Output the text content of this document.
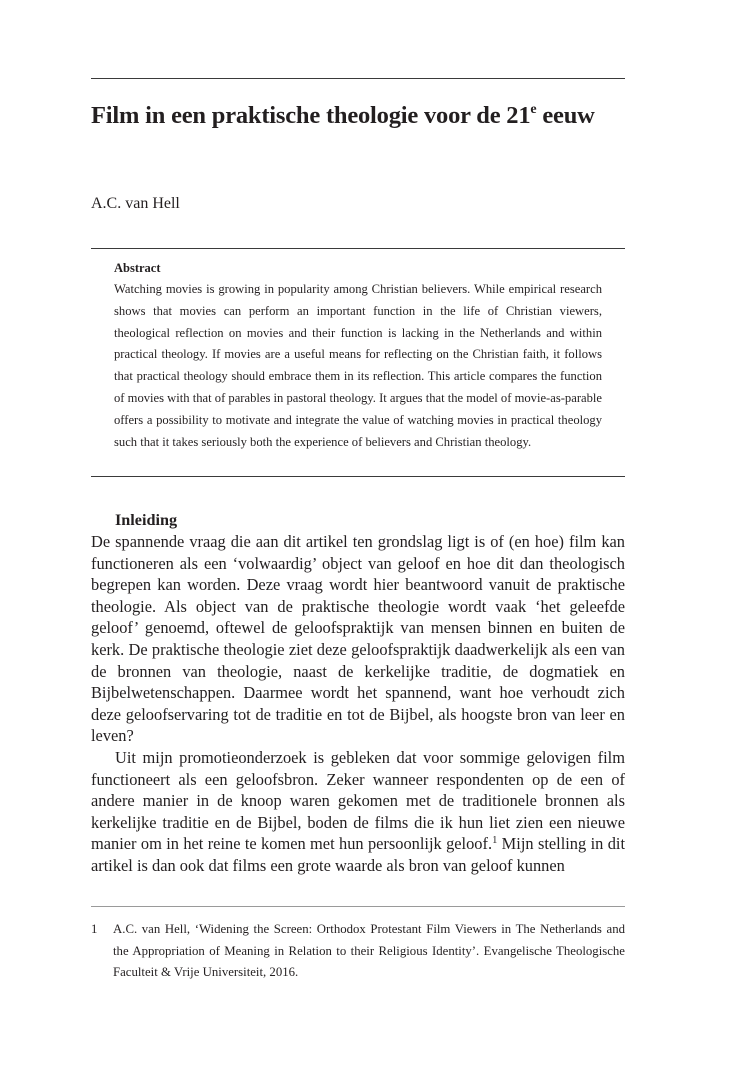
Film in een praktische theologie voor de 21e eeuw
A.C. van Hell
Abstract
Watching movies is growing in popularity among Christian believers. While empirical research shows that movies can perform an important function in the life of Christian viewers, theological reflection on movies and their function is lacking in the Netherlands and within practical theology. If movies are a useful means for reflecting on the Christian faith, it follows that practical theology should embrace them in its reflection. This article compares the function of movies with that of parables in pastoral theology. It argues that the model of movie-as-parable offers a possibility to motivate and integrate the value of watching movies in practical theology such that it takes seriously both the experience of believers and Christian theology.
Inleiding

De spannende vraag die aan dit artikel ten grondslag ligt is of (en hoe) film kan functioneren als een ‘volwaardig’ object van geloof en hoe dit dan theologisch begrepen kan worden. Deze vraag wordt hier beantwoord vanuit de praktische theologie. Als object van de praktische theologie wordt vaak ‘het geleefde geloof’ genoemd, oftewel de geloofspraktijk van mensen binnen en buiten de kerk. De praktische theologie ziet deze geloofspraktijk daadwerkelijk als een van de bronnen van theologie, naast de kerkelijke traditie, de dogmatiek en Bijbelwetenschappen. Daarmee wordt het spannend, want hoe verhoudt zich deze geloofservaring tot de traditie en tot de Bijbel, als hoogste bron van leer en leven?

Uit mijn promotieonderzoek is gebleken dat voor sommige gelovigen film functioneert als een geloofsbron. Zeker wanneer respondenten op de een of andere manier in de knoop waren gekomen met de traditionele bronnen als kerkelijke traditie en de Bijbel, boden de films die ik hun liet zien een nieuwe manier om in het reine te komen met hun persoonlijk geloof.$^1$ Mijn stelling in dit artikel is dan ook dat films een grote waarde als bron van geloof kunnen

1 A.C. van Hell, ‘Widening the Screen: Orthodox Protestant Film Viewers in The Netherlands and the Appropriation of Meaning in Relation to their Religious Identity’. Evangelische Theologische Faculteit & Vrije Universiteit, 2016.
